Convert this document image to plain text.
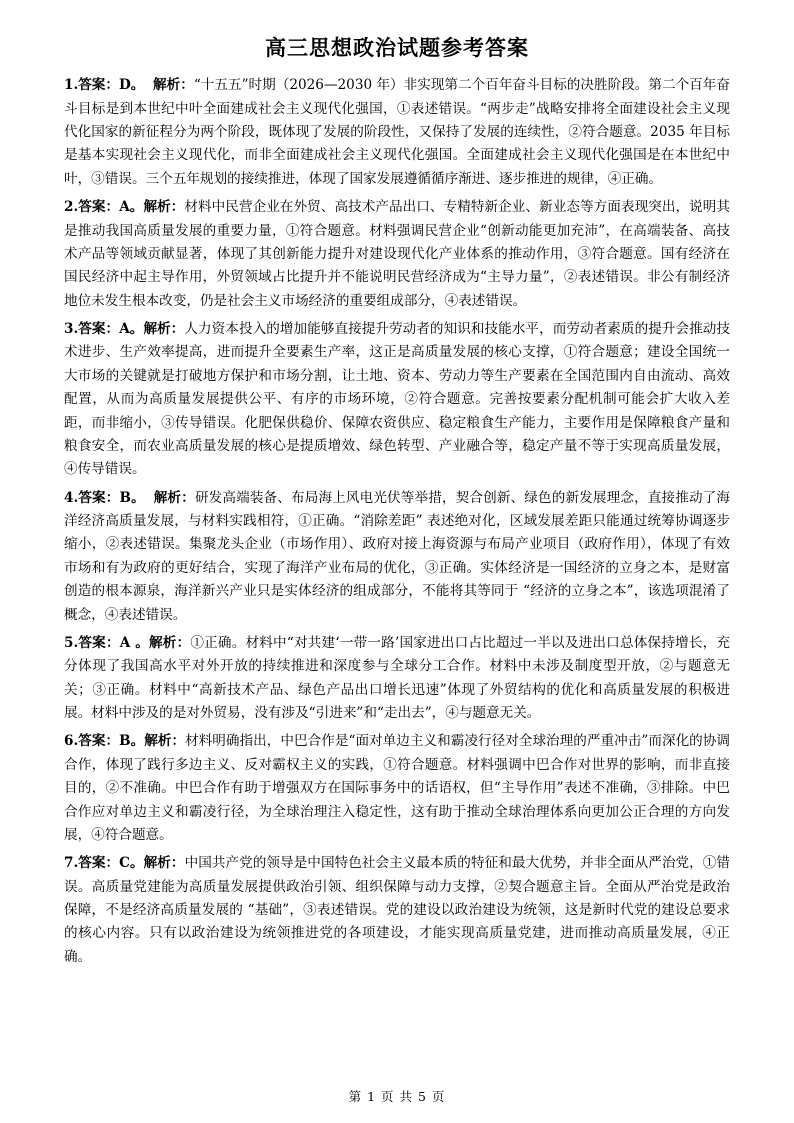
高三思想政治试题参考答案

1.答案：D。 解析：“十五五”时期（2026—2030 年）非实现第二个百年奋斗目标的决胜阶段。第二个百年奋斗目标是到本世纪中叶全面建成社会主义现代化强国，①表述错误。“两步走”战略安排将全面建设社会主义现代化国家的新征程分为两个阶段，既体现了发展的阶段性，又保持了发展的连续性，②符合题意。2035 年目标是基本实现社会主义现代化，而非全面建成社会主义现代化强国。全面建成社会主义现代化强国是在本世纪中叶，③错误。三个五年规划的接续推进，体现了国家发展遵循循序渐进、逐步推进的规律，④正确。

2.答案：A。解析：材料中民营企业在外贸、高技术产品出口、专精特新企业、新业态等方面表现突出，说明其是推动我国高质量发展的重要力量，①符合题意。材料强调民营企业“创新动能更加充沛”，在高端装备、高技术产品等领域贡献显著，体现了其创新能力提升对建设现代化产业体系的推动作用，③符合题意。国有经济在国民经济中起主导作用，外贸领域占比提升并不能说明民营经济成为“主导力量”，②表述错误。非公有制经济地位未发生根本改变，仍是社会主义市场经济的重要组成部分，④表述错误。

3.答案：A。解析：人力资本投入的增加能够直接提升劳动者的知识和技能水平，而劳动者素质的提升会推动技术进步、生产效率提高，进而提升全要素生产率，这正是高质量发展的核心支撑，①符合题意；建设全国统一大市场的关键就是打破地方保护和市场分割，让土地、资本、劳动力等生产要素在全国范围内自由流动、高效配置，从而为高质量发展提供公平、有序的市场环境，②符合题意。完善按要素分配机制可能会扩大收入差距，而非缩小，③传导错误。化肥保供稳价、保障农资供应、稳定粮食生产能力，主要作用是保障粮食产量和粮食安全，而农业高质量发展的核心是提质增效、绿色转型、产业融合等，稳定产量不等于实现高质量发展，④传导错误。

4.答案：B。 解析：研发高端装备、布局海上风电光伏等举措，契合创新、绿色的新发展理念，直接推动了海洋经济高质量发展，与材料实践相符，①正确。“消除差距” 表述绝对化，区域发展差距只能通过统筹协调逐步缩小，②表述错误。集聚龙头企业（市场作用）、政府对接上海资源与布局产业项目（政府作用），体现了有效市场和有为政府的更好结合，实现了海洋产业布局的优化，③正确。实体经济是一国经济的立身之本，是财富创造的根本源泉，海洋新兴产业只是实体经济的组成部分，不能将其等同于 “经济的立身之本”，该选项混淆了概念，④表述错误。

5.答案：A 。解析：①正确。材料中“对共建‘一带一路’国家进出口占比超过一半以及进出口总体保持增长，充分体现了我国高水平对外开放的持续推进和深度参与全球分工合作。材料中未涉及制度型开放，②与题意无关；③正确。材料中“高新技术产品、绿色产品出口增长迅速”体现了外贸结构的优化和高质量发展的积极进展。材料中涉及的是对外贸易，没有涉及“引进来”和“走出去”，④与题意无关。

6.答案：B。解析：材料明确指出，中巴合作是“面对单边主义和霸凌行径对全球治理的严重冲击”而深化的协调合作，体现了践行多边主义、反对霸权主义的实践，①符合题意。材料强调中巴合作对世界的影响，而非直接目的，②不准确。中巴合作有助于增强双方在国际事务中的话语权，但“主导作用”表述不准确，③排除。中巴合作应对单边主义和霸凌行径，为全球治理注入稳定性，这有助于推动全球治理体系向更加公正合理的方向发展，④符合题意。

7.答案：C。解析：中国共产党的领导是中国特色社会主义最本质的特征和最大优势，并非全面从严治党，①错误。高质量党建能为高质量发展提供政治引领、组织保障与动力支撑，②契合题意主旨。全面从严治党是政治保障，不是经济高质量发展的 “基础”，③表述错误。党的建设以政治建设为统领，这是新时代党的建设总要求的核心内容。只有以政治建设为统领推进党的各项建设，才能实现高质量党建，进而推动高质量发展，④正确。

第 1 页 共 5 页
